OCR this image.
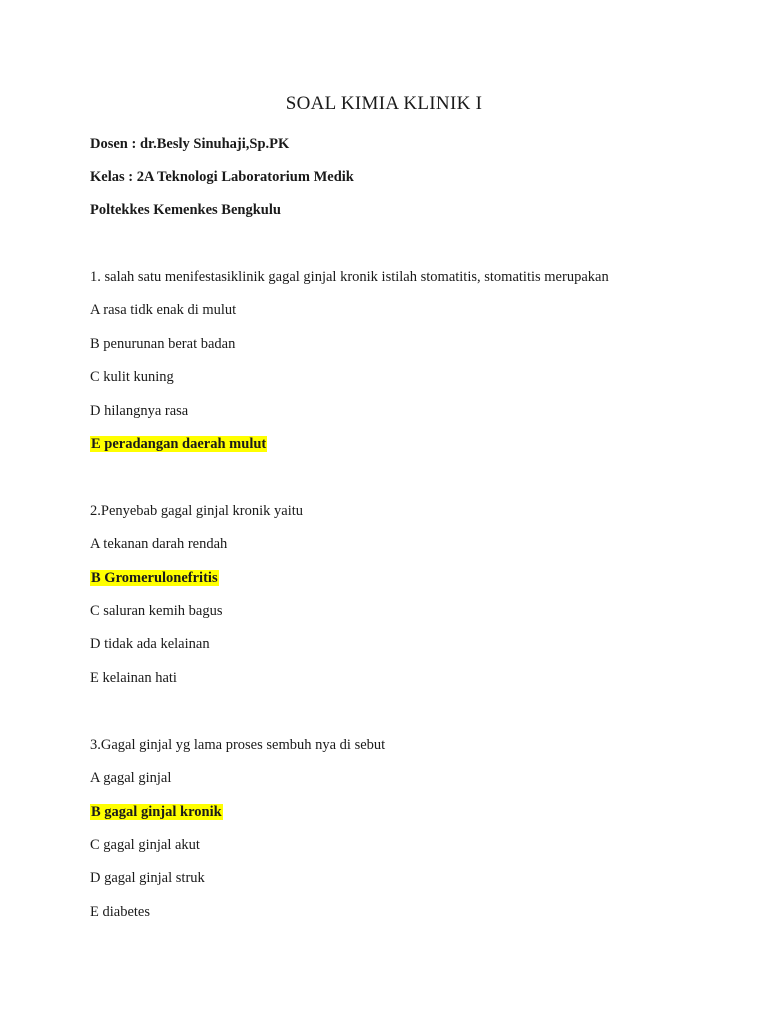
SOAL KIMIA KLINIK I
Dosen : dr.Besly Sinuhaji,Sp.PK
Kelas : 2A Teknologi Laboratorium Medik
Poltekkes Kemenkes Bengkulu
1. salah satu menifestasiklinik gagal ginjal kronik istilah stomatitis, stomatitis merupakan
A rasa tidk enak di mulut
B penurunan berat badan
C kulit kuning
D hilangnya rasa
E peradangan daerah mulut
2.Penyebab gagal ginjal kronik yaitu
A tekanan darah rendah
B Gromerulonefritis
C saluran kemih bagus
D tidak ada kelainan
E kelainan hati
3.Gagal ginjal yg lama proses sembuh nya di sebut
A gagal ginjal
B gagal ginjal kronik
C gagal ginjal akut
D gagal ginjal struk
E diabetes
